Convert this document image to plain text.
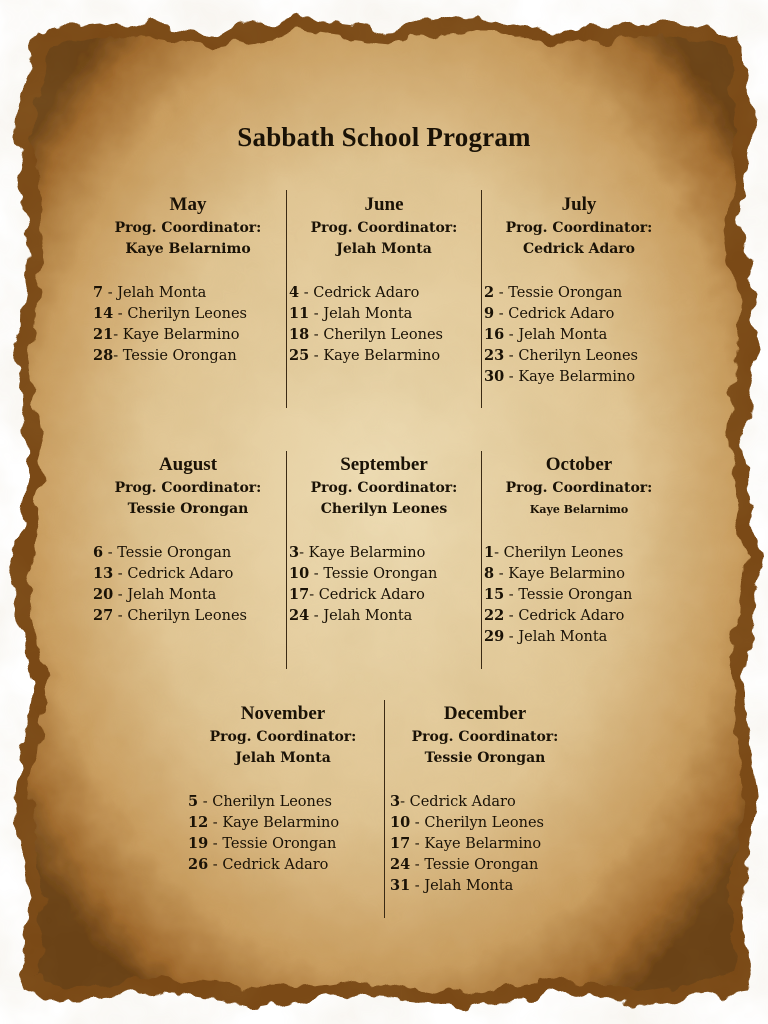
Sabbath School Program
May
Prog. Coordinator:
Kaye Belarnimo
7 - Jelah Monta
14 - Cherilyn Leones
21- Kaye Belarmino
28- Tessie Orongan
June
Prog. Coordinator:
Jelah Monta
4 - Cedrick Adaro
11 - Jelah Monta
18 - Cherilyn Leones
25 - Kaye Belarmino
July
Prog. Coordinator:
Cedrick Adaro
2 - Tessie Orongan
9 - Cedrick Adaro
16 - Jelah Monta
23 - Cherilyn Leones
30 - Kaye Belarmino
August
Prog. Coordinator:
Tessie Orongan
6 - Tessie Orongan
13 - Cedrick Adaro
20 - Jelah Monta
27 - Cherilyn Leones
September
Prog. Coordinator:
Cherilyn Leones
3- Kaye Belarmino
10 - Tessie Orongan
17- Cedrick Adaro
24 - Jelah Monta
October
Prog. Coordinator:
Kaye Belarnimo
1- Cherilyn Leones
8 - Kaye Belarmino
15 - Tessie Orongan
22 - Cedrick Adaro
29 - Jelah Monta
November
Prog. Coordinator:
Jelah Monta
5 - Cherilyn Leones
12 - Kaye Belarmino
19 - Tessie Orongan
26 - Cedrick Adaro
December
Prog. Coordinator:
Tessie Orongan
3- Cedrick Adaro
10 - Cherilyn Leones
17 - Kaye Belarmino
24 - Tessie Orongan
31 - Jelah Monta
